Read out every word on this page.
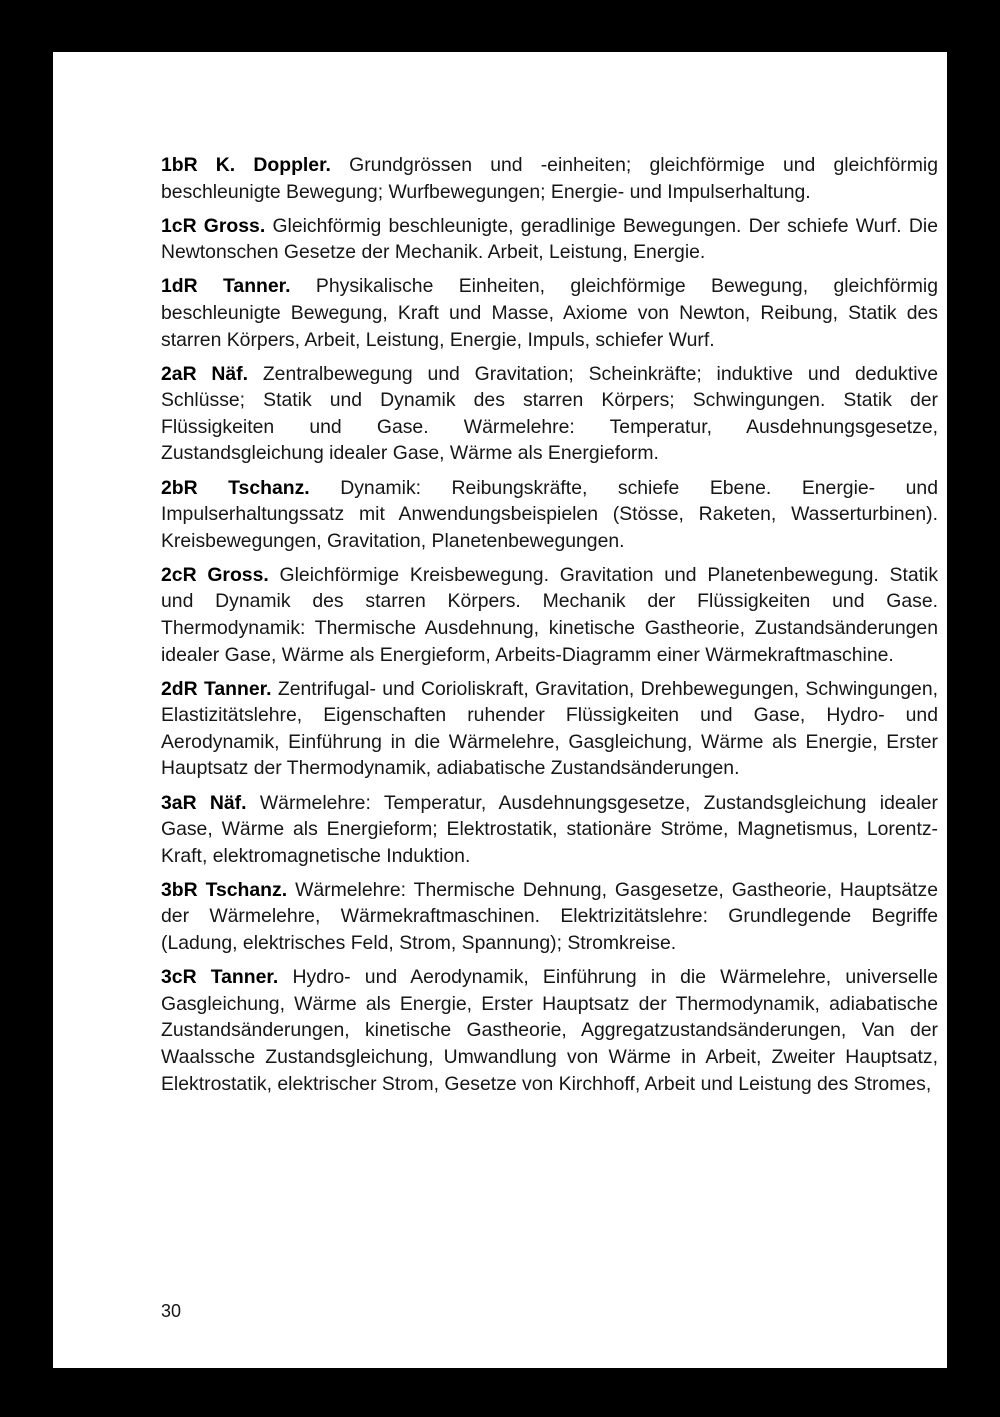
1bR K. Doppler. Grundgrössen und -einheiten; gleichförmige und gleichförmig beschleunigte Bewegung; Wurfbewegungen; Energie- und Impulserhaltung.

1cR Gross. Gleichförmig beschleunigte, geradlinige Bewegungen. Der schiefe Wurf. Die Newtonschen Gesetze der Mechanik. Arbeit, Leistung, Energie.

1dR Tanner. Physikalische Einheiten, gleichförmige Bewegung, gleichförmig beschleunigte Bewegung, Kraft und Masse, Axiome von Newton, Reibung, Statik des starren Körpers, Arbeit, Leistung, Energie, Impuls, schiefer Wurf.

2aR Näf. Zentralbewegung und Gravitation; Scheinkräfte; induktive und deduktive Schlüsse; Statik und Dynamik des starren Körpers; Schwingungen. Statik der Flüssigkeiten und Gase. Wärmelehre: Temperatur, Ausdehnungsgesetze, Zustandsgleichung idealer Gase, Wärme als Energieform.

2bR Tschanz. Dynamik: Reibungskräfte, schiefe Ebene. Energie- und Impulserhaltungssatz mit Anwendungsbeispielen (Stösse, Raketen, Wasserturbinen). Kreisbewegungen, Gravitation, Planetenbewegungen.

2cR Gross. Gleichförmige Kreisbewegung. Gravitation und Planetenbewegung. Statik und Dynamik des starren Körpers. Mechanik der Flüssigkeiten und Gase. Thermodynamik: Thermische Ausdehnung, kinetische Gastheorie, Zustandsänderungen idealer Gase, Wärme als Energieform, Arbeits-Diagramm einer Wärmekraftmaschine.

2dR Tanner. Zentrifugal- und Corioliskraft, Gravitation, Drehbewegungen, Schwingungen, Elastizitätslehre, Eigenschaften ruhender Flüssigkeiten und Gase, Hydro- und Aerodynamik, Einführung in die Wärmelehre, Gasgleichung, Wärme als Energie, Erster Hauptsatz der Thermodynamik, adiabatische Zustandsänderungen.

3aR Näf. Wärmelehre: Temperatur, Ausdehnungsgesetze, Zustandsgleichung idealer Gase, Wärme als Energieform; Elektrostatik, stationäre Ströme, Magnetismus, Lorentz-Kraft, elektromagnetische Induktion.

3bR Tschanz. Wärmelehre: Thermische Dehnung, Gasgesetze, Gastheorie, Hauptsätze der Wärmelehre, Wärmekraftmaschinen. Elektrizitätslehre: Grundlegende Begriffe (Ladung, elektrisches Feld, Strom, Spannung); Stromkreise.

3cR Tanner. Hydro- und Aerodynamik, Einführung in die Wärmelehre, universelle Gasgleichung, Wärme als Energie, Erster Hauptsatz der Thermodynamik, adiabatische Zustandsänderungen, kinetische Gastheorie, Aggregatzustandsänderungen, Van der Waalssche Zustandsgleichung, Umwandlung von Wärme in Arbeit, Zweiter Hauptsatz, Elektrostatik, elektrischer Strom, Gesetze von Kirchhoff, Arbeit und Leistung des Stromes,

30
